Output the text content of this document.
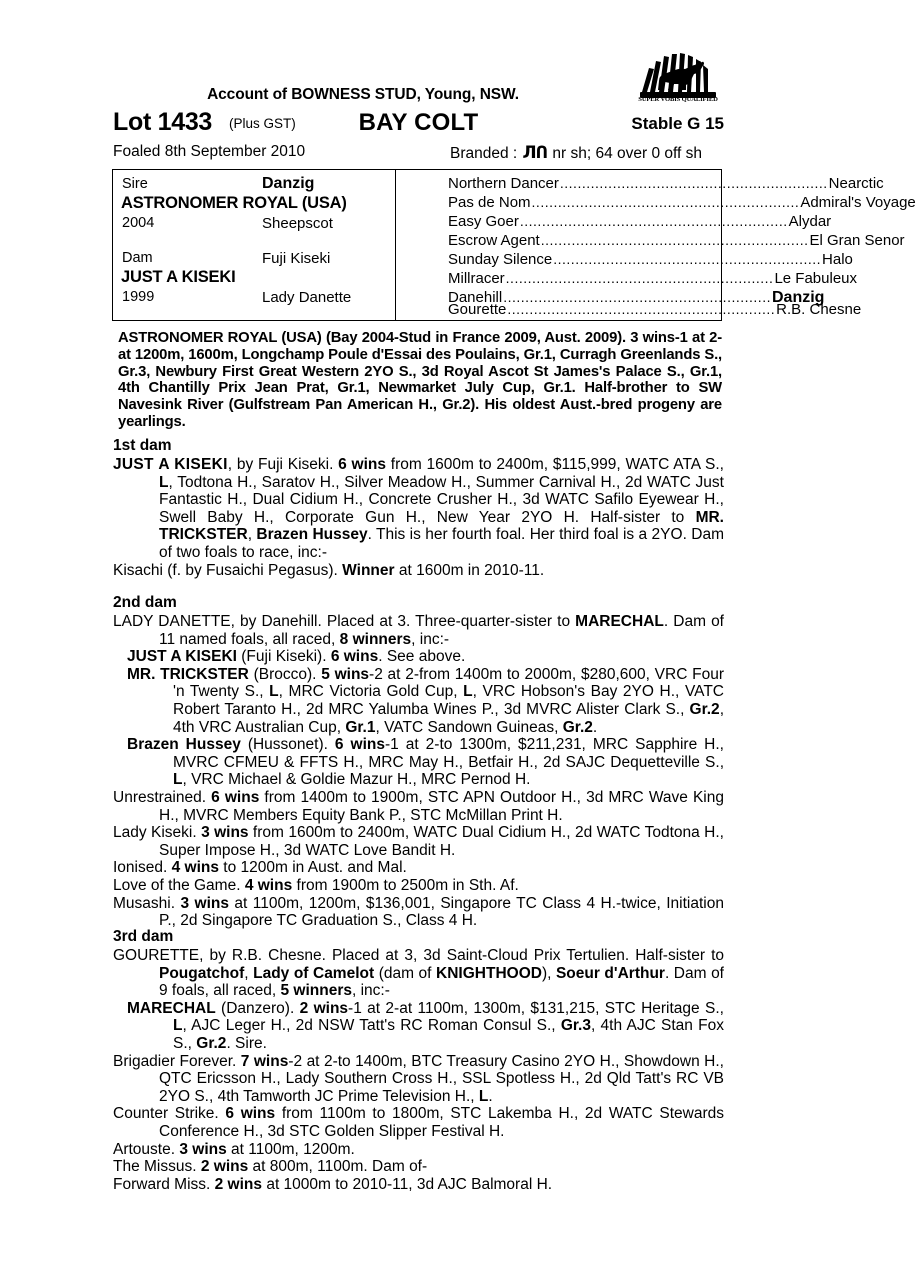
Account of BOWNESS STUD, Young, NSW.	SUPER VOBIS QUALIFIED
Lot 1433 (Plus GST)	BAY COLT	Stable G 15
Foaled 8th September 2010	Branded : ЛՈ nr sh; 64 over 0 off sh
Sire	Danzig
ASTRONOMER ROYAL (USA)
2004	Sheepscot
Dam	Fuji Kiseki
JUST A KISEKI
1999	Lady Danette
Northern Dancer ............................................................. Nearctic
Pas de Nom ............................................................. Admiral's Voyage
Easy Goer ............................................................. Alydar
Escrow Agent ............................................................. El Gran Senor
Sunday Silence ............................................................. Halo
Millracer ............................................................. Le Fabuleux
Danehill ............................................................. Danzig
Gourette ............................................................. R.B. Chesne
ASTRONOMER ROYAL (USA) (Bay 2004-Stud in France 2009, Aust. 2009). 3 wins-1 at 2-at 1200m, 1600m, Longchamp Poule d'Essai des Poulains, Gr.1, Curragh Greenlands S., Gr.3, Newbury First Great Western 2YO S., 3d Royal Ascot St James's Palace S., Gr.1, 4th Chantilly Prix Jean Prat, Gr.1, Newmarket July Cup, Gr.1. Half-brother to SW Navesink River (Gulfstream Pan American H., Gr.2). His oldest Aust.-bred progeny are yearlings.
1st dam

JUST A KISEKI, by Fuji Kiseki. 6 wins from 1600m to 2400m, $115,999, WATC ATA S., L, Todtona H., Saratov H., Silver Meadow H., Summer Carnival H., 2d WATC Just Fantastic H., Dual Cidium H., Concrete Crusher H., 3d WATC Safilo Eyewear H., Swell Baby H., Corporate Gun H., New Year 2YO H. Half-sister to MR. TRICKSTER, Brazen Hussey. This is her fourth foal. Her third foal is a 2YO. Dam of two foals to race, inc:-

Kisachi (f. by Fusaichi Pegasus). Winner at 1600m in 2010-11.

2nd dam

LADY DANETTE, by Danehill. Placed at 3. Three-quarter-sister to MARECHAL. Dam of 11 named foals, all raced, 8 winners, inc:-

JUST A KISEKI (Fuji Kiseki). 6 wins. See above.

MR. TRICKSTER (Brocco). 5 wins-2 at 2-from 1400m to 2000m, $280,600, VRC Four 'n Twenty S., L, MRC Victoria Gold Cup, L, VRC Hobson's Bay 2YO H., VATC Robert Taranto H., 2d MRC Yalumba Wines P., 3d MVRC Alister Clark S., Gr.2, 4th VRC Australian Cup, Gr.1, VATC Sandown Guineas, Gr.2.

Brazen Hussey (Hussonet). 6 wins-1 at 2-to 1300m, $211,231, MRC Sapphire H., MVRC CFMEU & FFTS H., MRC May H., Betfair H., 2d SAJC Dequetteville S., L, VRC Michael & Goldie Mazur H., MRC Pernod H.

Unrestrained. 6 wins from 1400m to 1900m, STC APN Outdoor H., 3d MRC Wave King H., MVRC Members Equity Bank P., STC McMillan Print H.

Lady Kiseki. 3 wins from 1600m to 2400m, WATC Dual Cidium H., 2d WATC Todtona H., Super Impose H., 3d WATC Love Bandit H.

Ionised. 4 wins to 1200m in Aust. and Mal.

Love of the Game. 4 wins from 1900m to 2500m in Sth. Af.

Musashi. 3 wins at 1100m, 1200m, $136,001, Singapore TC Class 4 H.-twice, Initiation P., 2d Singapore TC Graduation S., Class 4 H.

3rd dam

GOURETTE, by R.B. Chesne. Placed at 3, 3d Saint-Cloud Prix Tertulien. Half-sister to Pougatchof, Lady of Camelot (dam of KNIGHTHOOD), Soeur d'Arthur. Dam of 9 foals, all raced, 5 winners, inc:-

MARECHAL (Danzero). 2 wins-1 at 2-at 1100m, 1300m, $131,215, STC Heritage S., L, AJC Leger H., 2d NSW Tatt's RC Roman Consul S., Gr.3, 4th AJC Stan Fox S., Gr.2. Sire.

Brigadier Forever. 7 wins-2 at 2-to 1400m, BTC Treasury Casino 2YO H., Showdown H., QTC Ericsson H., Lady Southern Cross H., SSL Spotless H., 2d Qld Tatt's RC VB 2YO S., 4th Tamworth JC Prime Television H., L.

Counter Strike. 6 wins from 1100m to 1800m, STC Lakemba H., 2d WATC Stewards Conference H., 3d STC Golden Slipper Festival H.

Artouste. 3 wins at 1100m, 1200m.

The Missus. 2 wins at 800m, 1100m. Dam of-

Forward Miss. 2 wins at 1000m to 2010-11, 3d AJC Balmoral H.
